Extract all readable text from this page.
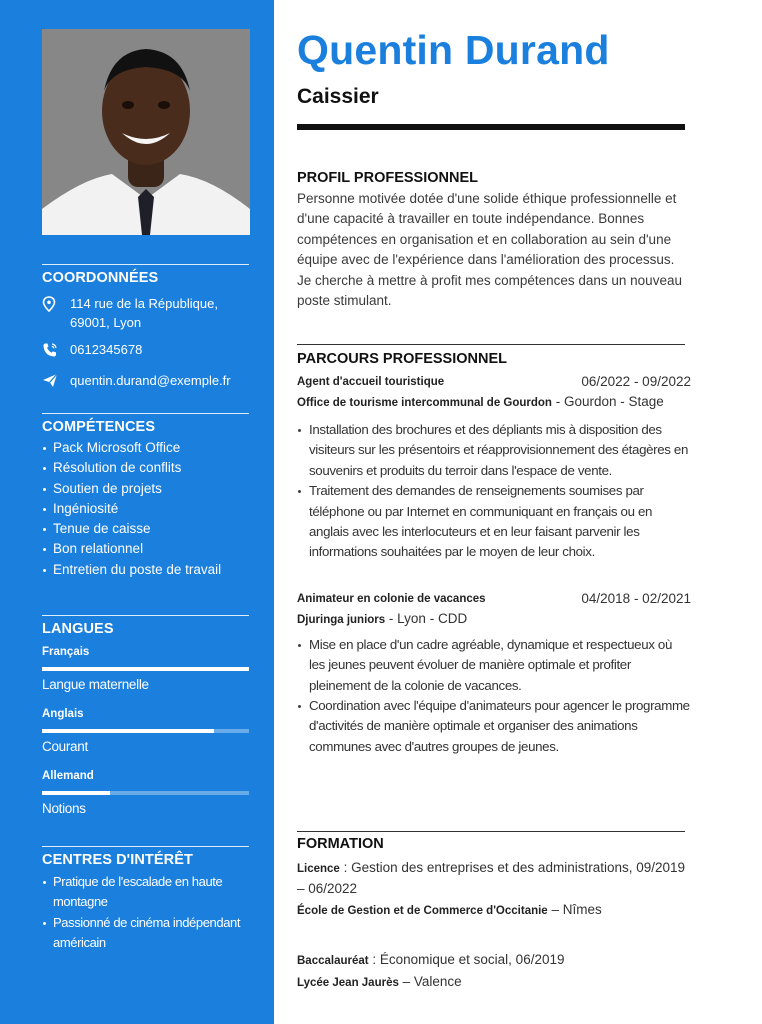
COORDONNÉES
114 rue de la République,
69001, Lyon
0612345678
quentin.durand@exemple.fr
COMPÉTENCES
Pack Microsoft Office
Résolution de conflits
Soutien de projets
Ingéniosité
Tenue de caisse
Bon relationnel
Entretien du poste de travail
LANGUES
Français
Langue maternelle
Anglais
Courant
Allemand
Notions
CENTRES D'INTÉRÊT
Pratique de l'escalade en haute montagne
Passionné de cinéma indépendant américain
Quentin Durand
Caissier
PROFIL PROFESSIONNEL
Personne motivée dotée d'une solide éthique professionnelle et d'une capacité à travailler en toute indépendance. Bonnes compétences en organisation et en collaboration au sein d'une équipe avec de l'expérience dans l'amélioration des processus. Je cherche à mettre à profit mes compétences dans un nouveau poste stimulant.
PARCOURS PROFESSIONNEL
Agent d'accueil touristique	06/2022 - 09/2022
Office de tourisme intercommunal de Gourdon - Gourdon - Stage
Installation des brochures et des dépliants mis à disposition des visiteurs sur les présentoirs et réapprovisionnement des étagères en souvenirs et produits du terroir dans l'espace de vente.
Traitement des demandes de renseignements soumises par téléphone ou par Internet en communiquant en français ou en anglais avec les interlocuteurs et en leur faisant parvenir les informations souhaitées par le moyen de leur choix.
Animateur en colonie de vacances	04/2018 - 02/2021
Djuringa juniors - Lyon - CDD
Mise en place d'un cadre agréable, dynamique et respectueux où les jeunes peuvent évoluer de manière optimale et profiter pleinement de la colonie de vacances.
Coordination avec l'équipe d'animateurs pour agencer le programme d'activités de manière optimale et organiser des animations communes avec d'autres groupes de jeunes.
FORMATION
Licence : Gestion des entreprises et des administrations, 09/2019 – 06/2022
École de Gestion et de Commerce d'Occitanie – Nîmes
Baccalauréat : Économique et social, 06/2019
Lycée Jean Jaurès – Valence
